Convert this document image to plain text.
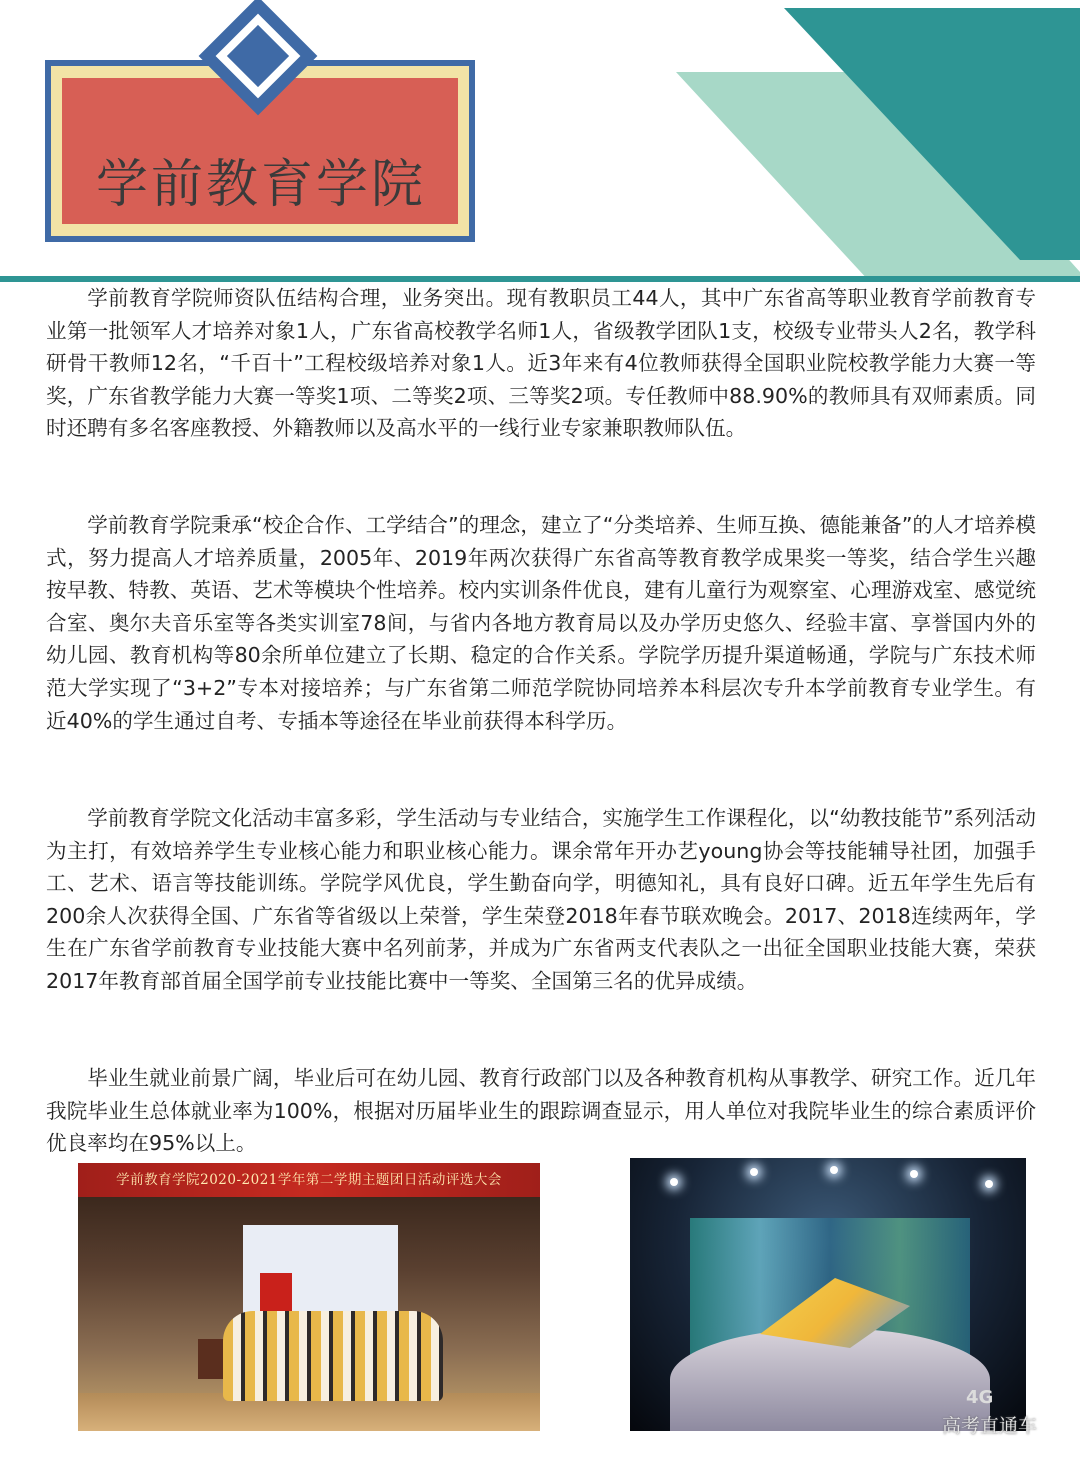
学前教育学院

学前教育学院师资队伍结构合理，业务突出。现有教职员工44人，其中广东省高等职业教育学前教育专业第一批领军人才培养对象1人，广东省高校教学名师1人，省级教学团队1支，校级专业带头人2名，教学科研骨干教师12名，“千百十”工程校级培养对象1人。近3年来有4位教师获得全国职业院校教学能力大赛一等奖，广东省教学能力大赛一等奖1项、二等奖2项、三等奖2项。专任教师中88.90%的教师具有双师素质。同时还聘有多名客座教授、外籍教师以及高水平的一线行业专家兼职教师队伍。

学前教育学院秉承“校企合作、工学结合”的理念，建立了“分类培养、生师互换、德能兼备”的人才培养模式，努力提高人才培养质量，2005年、2019年两次获得广东省高等教育教学成果奖一等奖，结合学生兴趣按早教、特教、英语、艺术等模块个性培养。校内实训条件优良，建有儿童行为观察室、心理游戏室、感觉统合室、奥尔夫音乐室等各类实训室78间，与省内各地方教育局以及办学历史悠久、经验丰富、享誉国内外的幼儿园、教育机构等80余所单位建立了长期、稳定的合作关系。学院学历提升渠道畅通，学院与广东技术师范大学实现了“3+2”专本对接培养；与广东省第二师范学院协同培养本科层次专升本学前教育专业学生。有近40%的学生通过自考、专插本等途径在毕业前获得本科学历。

学前教育学院文化活动丰富多彩，学生活动与专业结合，实施学生工作课程化，以“幼教技能节”系列活动为主打，有效培养学生专业核心能力和职业核心能力。课余常年开办艺young协会等技能辅导社团，加强手工、艺术、语言等技能训练。学院学风优良，学生勤奋向学，明德知礼，具有良好口碑。近五年学生先后有200余人次获得全国、广东省等省级以上荣誉，学生荣登2018年春节联欢晚会。2017、2018连续两年，学生在广东省学前教育专业技能大赛中名列前茅，并成为广东省两支代表队之一出征全国职业技能大赛，荣获2017年教育部首届全国学前专业技能比赛中一等奖、全国第三名的优异成绩。

毕业生就业前景广阔，毕业后可在幼儿园、教育行政部门以及各种教育机构从事教学、研究工作。近几年我院毕业生总体就业率为100%，根据对历届毕业生的跟踪调查显示，用人单位对我院毕业生的综合素质评价优良率均在95%以上。

学前教育学院2020-2021学年第二学期主题团日活动评选大会
4G
高考直通车
